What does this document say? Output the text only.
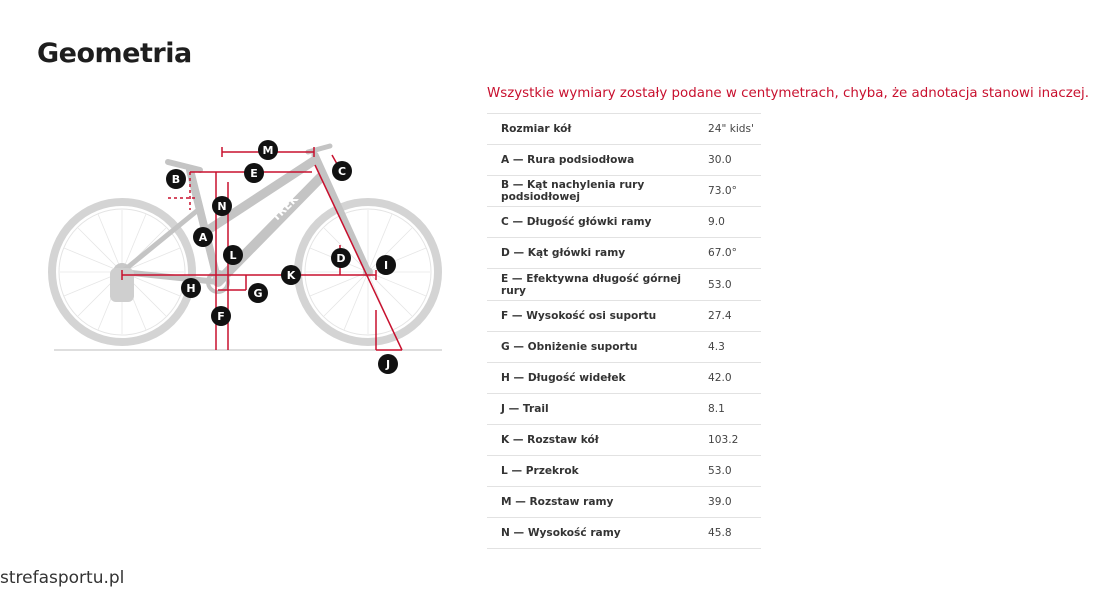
Geometria
Wszystkie wymiary zostały podane w centymetrach, chyba, że adnotacja stanowi inaczej.
TREK
M
E	C
B
N
A
L	D
I
K
H	G
F
J
Rozmiar kół	24" kids'
A — Rura podsiodłowa	30.0
B — Kąt nachylenia rury podsiodłowej	73.0°
C — Długość główki ramy	9.0
D — Kąt główki ramy	67.0°
E — Efektywna długość górnej rury	53.0
F — Wysokość osi suportu	27.4
G — Obniżenie suportu	4.3
H — Długość widełek	42.0
J — Trail	8.1
K — Rozstaw kół	103.2
L — Przekrok	53.0
M — Rozstaw ramy	39.0
N — Wysokość ramy	45.8
strefasportu.pl
